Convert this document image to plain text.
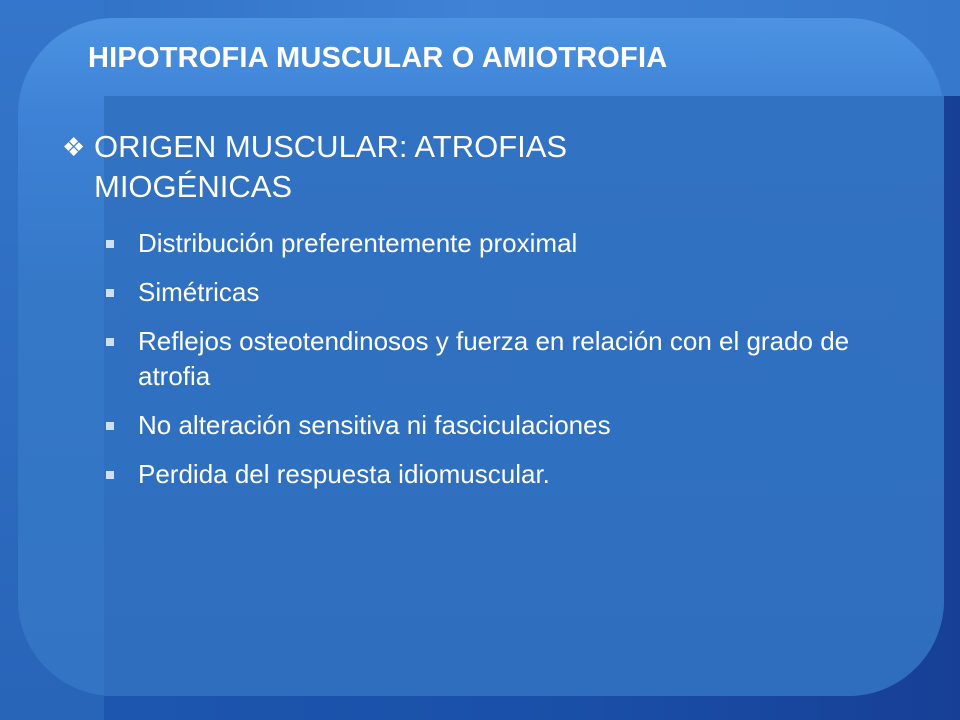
HIPOTROFIA MUSCULAR O AMIOTROFIA
❖ ORIGEN MUSCULAR: ATROFIAS
MIOGÉNICAS
Distribución preferentemente proximal
Simétricas
Reflejos osteotendinosos y fuerza en relación con el grado de atrofia
No alteración sensitiva ni fasciculaciones
Perdida del respuesta idiomuscular.
